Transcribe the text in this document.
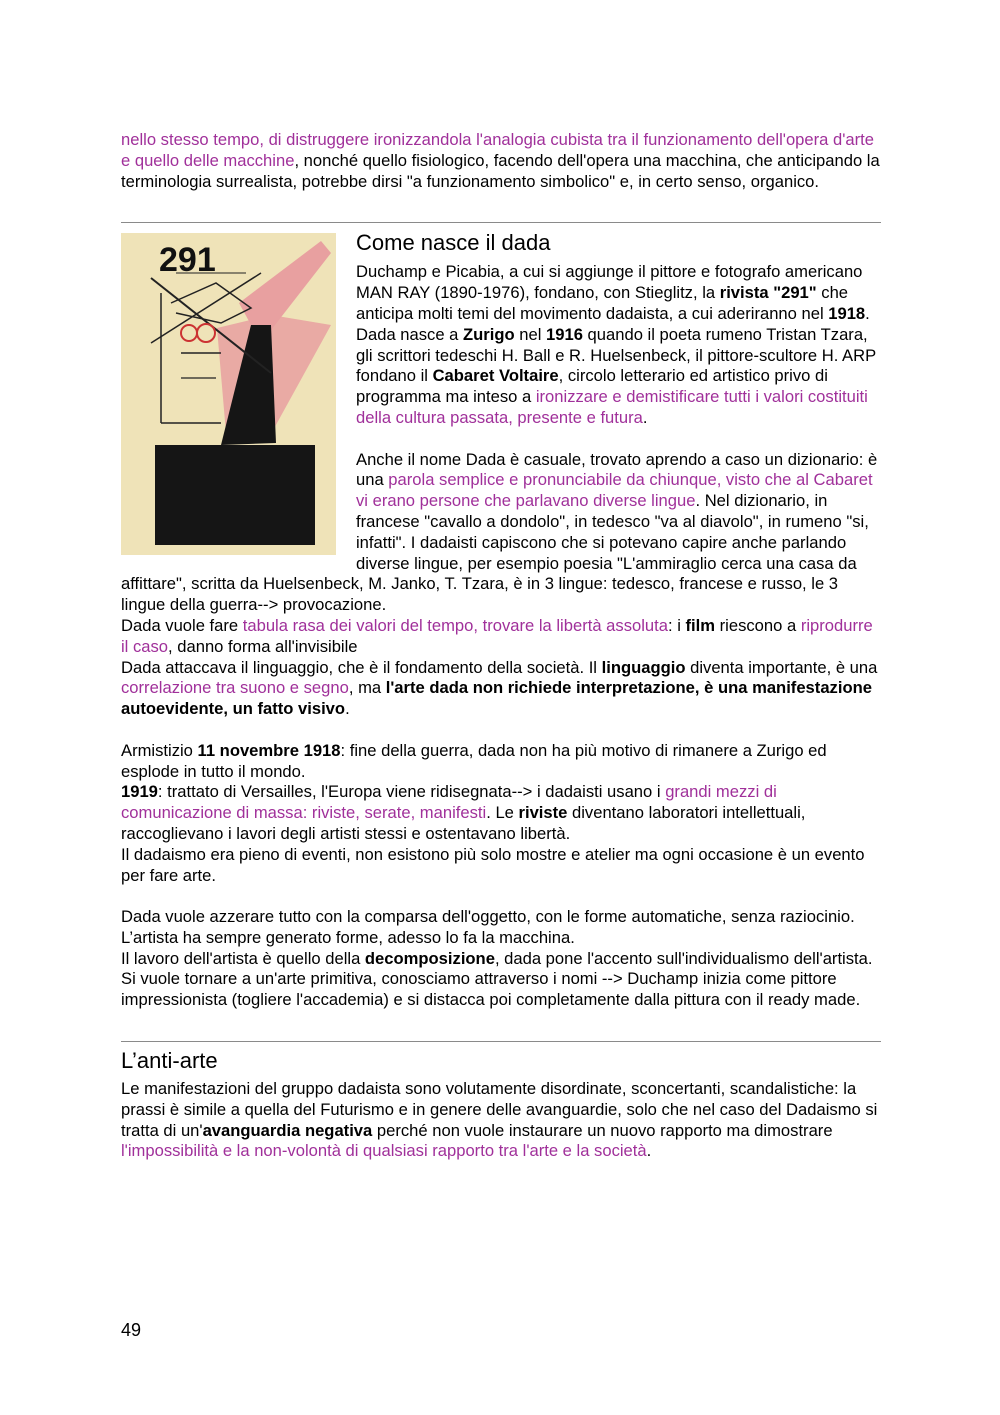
nello stesso tempo, di distruggere ironizzandola l'analogia cubista tra il funzionamento dell'opera d'arte e quello delle macchine, nonché quello fisiologico, facendo dell'opera una macchina, che anticipando la terminologia surrealista, potrebbe dirsi "a funzionamento simbolico" e, in certo senso, organico.

291	Come nasce il dada

Duchamp e Picabia, a cui si aggiunge il pittore e fotografo americano MAN RAY (1890-1976), fondano, con Stieglitz, la rivista "291" che anticipa molti temi del movimento dadaista, a cui aderiranno nel 1918. Dada nasce a Zurigo nel 1916 quando il poeta rumeno Tristan Tzara, gli scrittori tedeschi H. Ball e R. Huelsenbeck, il pittore-scultore H. ARP fondano il Cabaret Voltaire, circolo letterario ed artistico privo di programma ma inteso a ironizzare e demistificare tutti i valori costituiti della cultura passata, presente e futura.

Anche il nome Dada è casuale, trovato aprendo a caso un dizionario: è una parola semplice e pronunciabile da chiunque, visto che al Cabaret vi erano persone che parlavano diverse lingue. Nel dizionario, in francese "cavallo a dondolo", in tedesco "va al diavolo", in rumeno "si, infatti". I dadaisti capiscono che si potevano capire anche parlando diverse lingue, per esempio poesia "L'ammiraglio cerca una casa da affittare", scritta da Huelsenbeck, M. Janko, T. Tzara, è in 3 lingue: tedesco, francese e russo, le 3 lingue della guerra--> provocazione.

Dada vuole fare tabula rasa dei valori del tempo, trovare la libertà assoluta: i film riescono a riprodurre il caso, danno forma all'invisibile

Dada attaccava il linguaggio, che è il fondamento della società. Il linguaggio diventa importante, è una correlazione tra suono e segno, ma l'arte dada non richiede interpretazione, è una manifestazione autoevidente, un fatto visivo.

Armistizio 11 novembre 1918: fine della guerra, dada non ha più motivo di rimanere a Zurigo ed esplode in tutto il mondo.

1919: trattato di Versailles, l'Europa viene ridisegnata--> i dadaisti usano i grandi mezzi di comunicazione di massa: riviste, serate, manifesti. Le riviste diventano laboratori intellettuali, raccoglievano i lavori degli artisti stessi e ostentavano libertà.

Il dadaismo era pieno di eventi, non esistono più solo mostre e atelier ma ogni occasione è un evento per fare arte.

Dada vuole azzerare tutto con la comparsa dell'oggetto, con le forme automatiche, senza raziocinio. L’artista ha sempre generato forme, adesso lo fa la macchina.

Il lavoro dell'artista è quello della decomposizione, dada pone l'accento sull'individualismo dell'artista.

Si vuole tornare a un'arte primitiva, conosciamo attraverso i nomi --> Duchamp inizia come pittore impressionista (togliere l'accademia) e si distacca poi completamente dalla pittura con il ready made.

L’anti-arte

Le manifestazioni del gruppo dadaista sono volutamente disordinate, sconcertanti, scandalistiche: la prassi è simile a quella del Futurismo e in genere delle avanguardie, solo che nel caso del Dadaismo si tratta di un'avanguardia negativa perché non vuole instaurare un nuovo rapporto ma dimostrare l'impossibilità e la non-volontà di qualsiasi rapporto tra l'arte e la società.

49
